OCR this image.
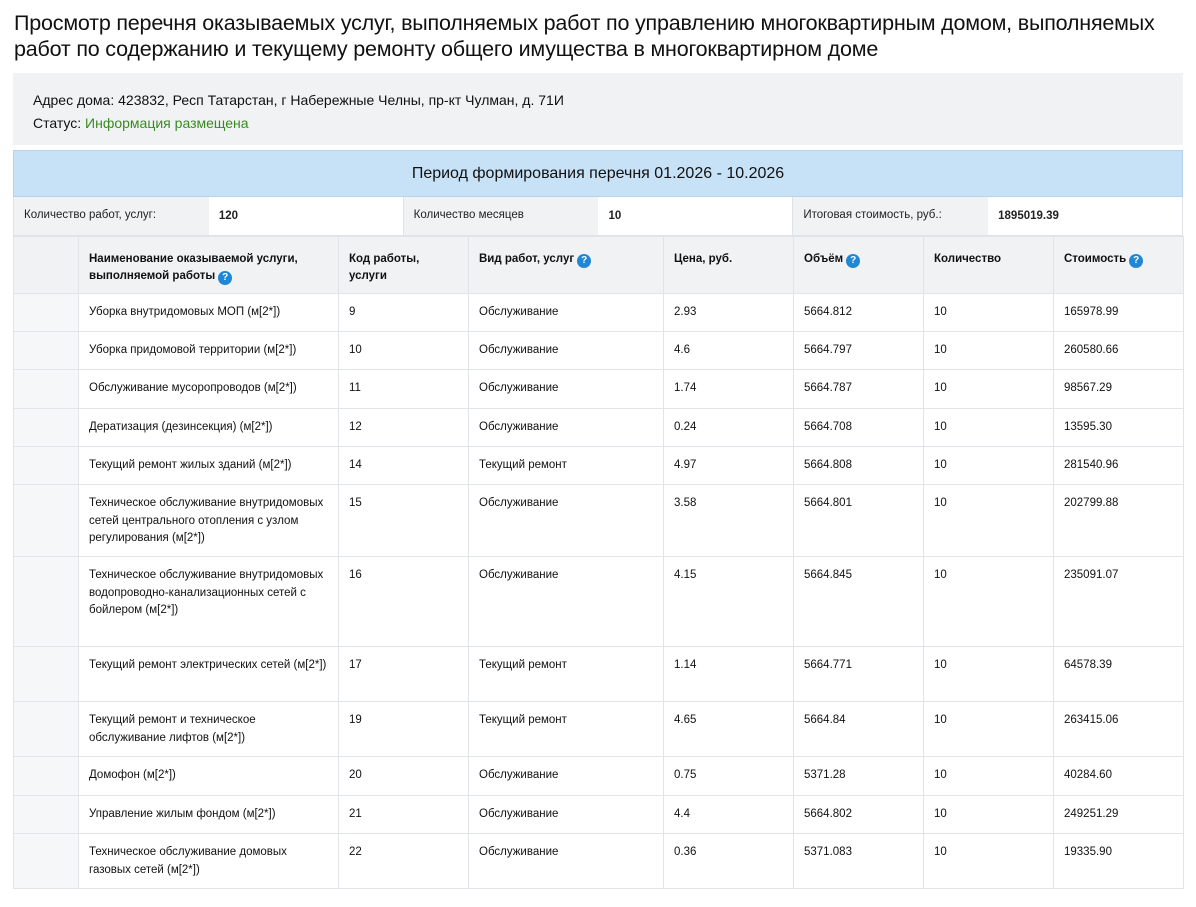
Просмотр перечня оказываемых услуг, выполняемых работ по управлению многоквартирным домом, выполняемых работ по содержанию и текущему ремонту общего имущества в многоквартирном доме
Адрес дома: 423832, Респ Татарстан, г Набережные Челны, пр-кт Чулман, д. 71И
Статус: Информация размещена
Период формирования перечня 01.2026 - 10.2026
Количество работ, услуг:	120	Количество месяцев	10	Итоговая стоимость, руб.:	1895019.39
	Наименование оказываемой услуги, выполняемой работы ?	Код работы, услуги	Вид работ, услуг ?	Цена, руб.	Объём ?	Количество	Стоимость ?
	Уборка внутридомовых МОП (м[2*])	9	Обслуживание	2.93	5664.812	10	165978.99
	Уборка придомовой территории (м[2*])	10	Обслуживание	4.6	5664.797	10	260580.66
	Обслуживание мусоропроводов (м[2*])	11	Обслуживание	1.74	5664.787	10	98567.29
	Дератизация (дезинсекция) (м[2*])	12	Обслуживание	0.24	5664.708	10	13595.30
	Текущий ремонт жилых зданий (м[2*])	14	Текущий ремонт	4.97	5664.808	10	281540.96
	Техническое обслуживание внутридомовых сетей центрального отопления с узлом регулирования (м[2*])	15	Обслуживание	3.58	5664.801	10	202799.88
	Техническое обслуживание внутридомовых водопроводно-канализационных сетей с бойлером (м[2*])	16	Обслуживание	4.15	5664.845	10	235091.07
	Текущий ремонт электрических сетей (м[2*])	17	Текущий ремонт	1.14	5664.771	10	64578.39
	Текущий ремонт и техническое обслуживание лифтов (м[2*])	19	Текущий ремонт	4.65	5664.84	10	263415.06
	Домофон (м[2*])	20	Обслуживание	0.75	5371.28	10	40284.60
	Управление жилым фондом (м[2*])	21	Обслуживание	4.4	5664.802	10	249251.29
	Техническое обслуживание домовых газовых сетей (м[2*])	22	Обслуживание	0.36	5371.083	10	19335.90
